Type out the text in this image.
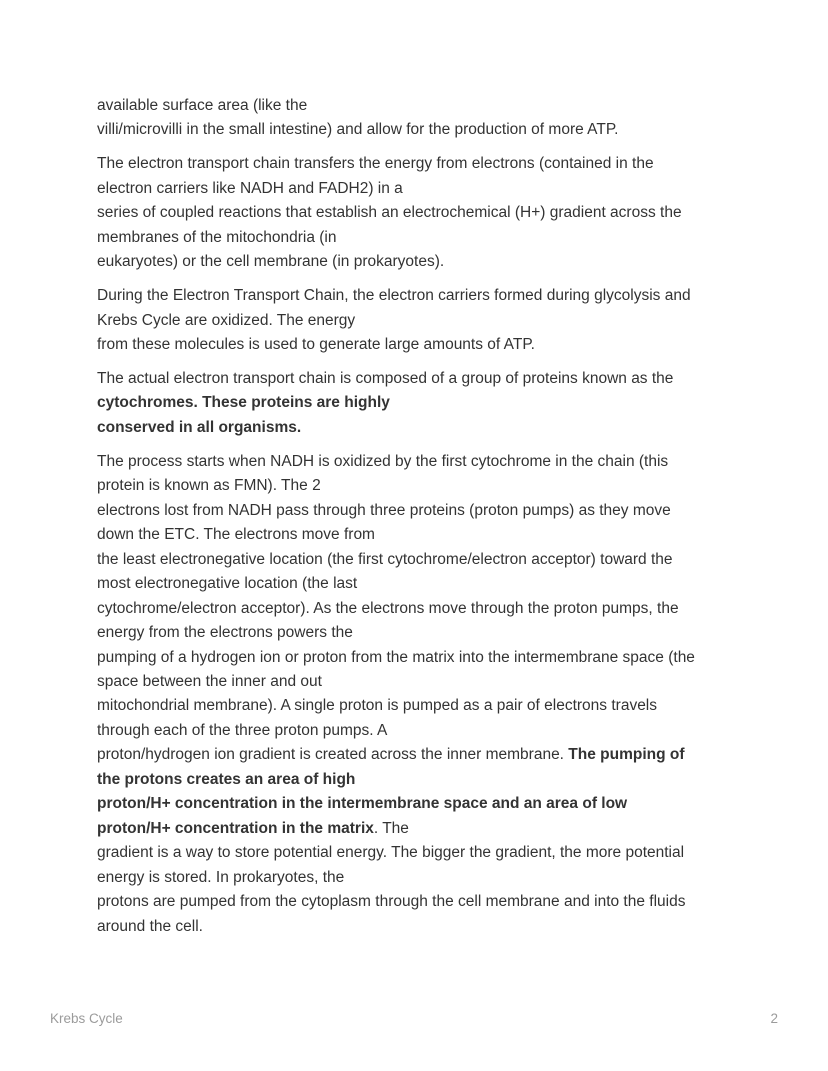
available surface area (like the
villi/microvilli in the small intestine) and allow for the production of more ATP.
The electron transport chain transfers the energy from electrons (contained in the
electron carriers like NADH and FADH2) in a
series of coupled reactions that establish an electrochemical (H+) gradient across the
membranes of the mitochondria (in
eukaryotes) or the cell membrane (in prokaryotes).
During the Electron Transport Chain, the electron carriers formed during glycolysis and
Krebs Cycle are oxidized. The energy
from these molecules is used to generate large amounts of ATP.
The actual electron transport chain is composed of a group of proteins known as the
cytochromes. These proteins are highly
conserved in all organisms.
The process starts when NADH is oxidized by the first cytochrome in the chain (this
protein is known as FMN). The 2
electrons lost from NADH pass through three proteins (proton pumps) as they move
down the ETC. The electrons move from
the least electronegative location (the first cytochrome/electron acceptor) toward the
most electronegative location (the last
cytochrome/electron acceptor). As the electrons move through the proton pumps, the
energy from the electrons powers the
pumping of a hydrogen ion or proton from the matrix into the intermembrane space (the
space between the inner and out
mitochondrial membrane). A single proton is pumped as a pair of electrons travels
through each of the three proton pumps. A
proton/hydrogen ion gradient is created across the inner membrane. The pumping of
the protons creates an area of high
proton/H+ concentration in the intermembrane space and an area of low
proton/H+ concentration in the matrix. The
gradient is a way to store potential energy. The bigger the gradient, the more potential
energy is stored. In prokaryotes, the
protons are pumped from the cytoplasm through the cell membrane and into the fluids
around the cell.
Krebs Cycle	2
